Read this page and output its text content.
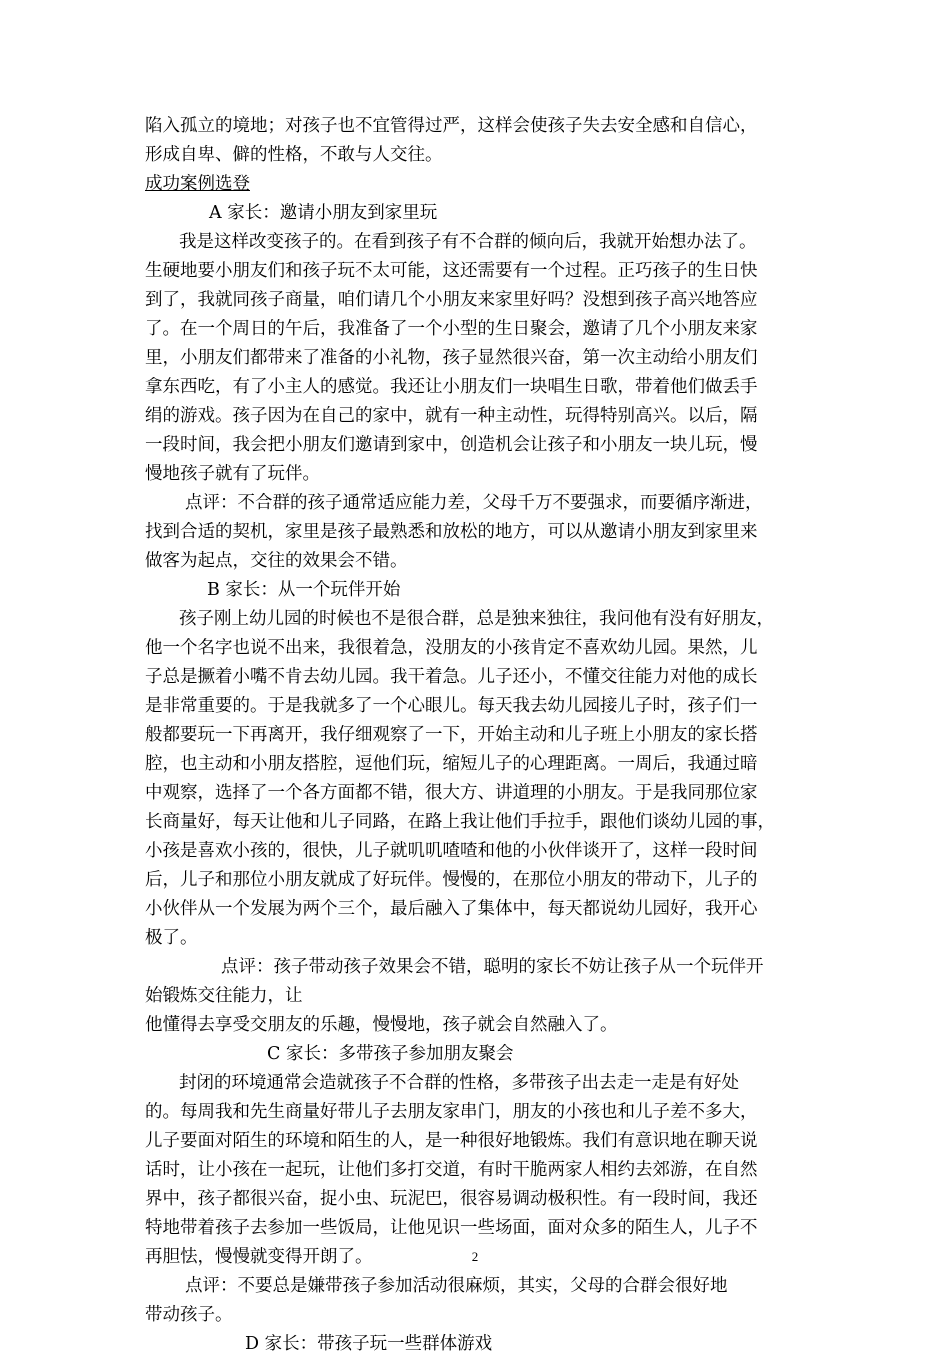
陷入孤立的境地；对孩子也不宜管得过严，这样会使孩子失去安全感和自信心，
形成自卑、僻的性格，不敢与人交往。
成功案例选登
A 家长：邀请小朋友到家里玩
我是这样改变孩子的。在看到孩子有不合群的倾向后，我就开始想办法了。
生硬地要小朋友们和孩子玩不太可能，这还需要有一个过程。正巧孩子的生日快
到了，我就同孩子商量，咱们请几个小朋友来家里好吗？没想到孩子高兴地答应
了。在一个周日的午后，我准备了一个小型的生日聚会，邀请了几个小朋友来家
里，小朋友们都带来了准备的小礼物，孩子显然很兴奋，第一次主动给小朋友们
拿东西吃，有了小主人的感觉。我还让小朋友们一块唱生日歌，带着他们做丢手
绢的游戏。孩子因为在自己的家中，就有一种主动性，玩得特别高兴。以后，隔
一段时间，我会把小朋友们邀请到家中，创造机会让孩子和小朋友一块儿玩，慢
慢地孩子就有了玩伴。
点评：不合群的孩子通常适应能力差，父母千万不要强求，而要循序渐进，
找到合适的契机，家里是孩子最熟悉和放松的地方，可以从邀请小朋友到家里来
做客为起点，交往的效果会不错。
B 家长：从一个玩伴开始
孩子刚上幼儿园的时候也不是很合群，总是独来独往，我问他有没有好朋友，
他一个名字也说不出来，我很着急，没朋友的小孩肯定不喜欢幼儿园。果然，儿
子总是撅着小嘴不肯去幼儿园。我干着急。儿子还小，不懂交往能力对他的成长
是非常重要的。于是我就多了一个心眼儿。每天我去幼儿园接儿子时，孩子们一
般都要玩一下再离开，我仔细观察了一下，开始主动和儿子班上小朋友的家长搭
腔，也主动和小朋友搭腔，逗他们玩，缩短儿子的心理距离。一周后，我通过暗
中观察，选择了一个各方面都不错，很大方、讲道理的小朋友。于是我同那位家
长商量好，每天让他和儿子同路，在路上我让他们手拉手，跟他们谈幼儿园的事，
小孩是喜欢小孩的，很快，儿子就叽叽喳喳和他的小伙伴谈开了，这样一段时间
后，儿子和那位小朋友就成了好玩伴。慢慢的，在那位小朋友的带动下，儿子的
小伙伴从一个发展为两个三个，最后融入了集体中，每天都说幼儿园好，我开心
极了。
点评：孩子带动孩子效果会不错，聪明的家长不妨让孩子从一个玩伴开
始锻炼交往能力，让
他懂得去享受交朋友的乐趣，慢慢地，孩子就会自然融入了。
C 家长：多带孩子参加朋友聚会
封闭的环境通常会造就孩子不合群的性格，多带孩子出去走一走是有好处
的。每周我和先生商量好带儿子去朋友家串门，朋友的小孩也和儿子差不多大，
儿子要面对陌生的环境和陌生的人，是一种很好地锻炼。我们有意识地在聊天说
话时，让小孩在一起玩，让他们多打交道，有时干脆两家人相约去郊游，在自然
界中，孩子都很兴奋，捉小虫、玩泥巴，很容易调动极积性。有一段时间，我还
特地带着孩子去参加一些饭局，让他见识一些场面，面对众多的陌生人，儿子不
再胆怯，慢慢就变得开朗了。
点评：不要总是嫌带孩子参加活动很麻烦，其实，父母的合群会很好地
带动孩子。
D 家长：带孩子玩一些群体游戏
2
